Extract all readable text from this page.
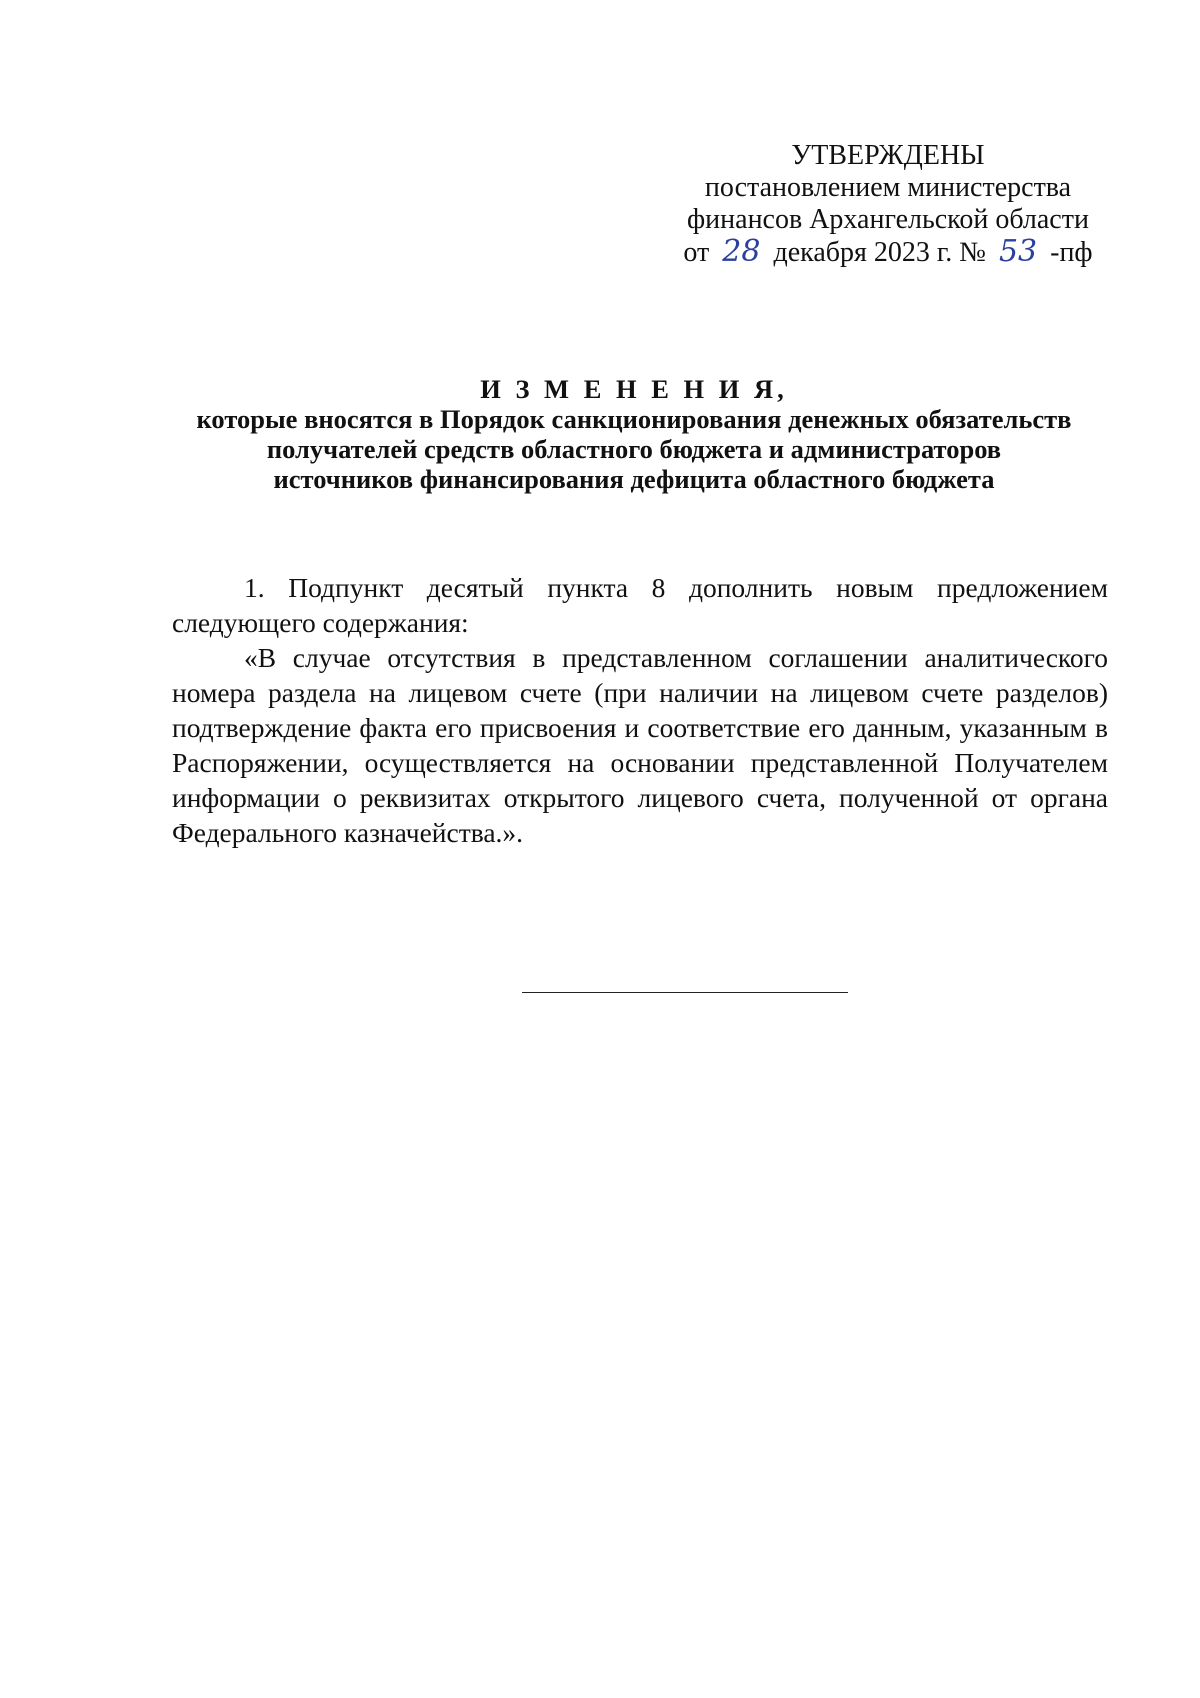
УТВЕРЖДЕНЫ
постановлением министерства
финансов Архангельской области
от 28 декабря 2023 г. № 53 -пф
И З М Е Н Е Н И Я,
которые вносятся в Порядок санкционирования денежных обязательств
получателей средств областного бюджета и администраторов
источников финансирования дефицита областного бюджета

1. Подпункт десятый пункта 8 дополнить новым предложением следующего содержания:

«В случае отсутствия в представленном соглашении аналитического номера раздела на лицевом счете (при наличии на лицевом счете разделов) подтверждение факта его присвоения и соответствие его данным, указанным в Распоряжении, осуществляется на основании представленной Получателем информации о реквизитах открытого лицевого счета, полученной от органа Федерального казначейства.».
